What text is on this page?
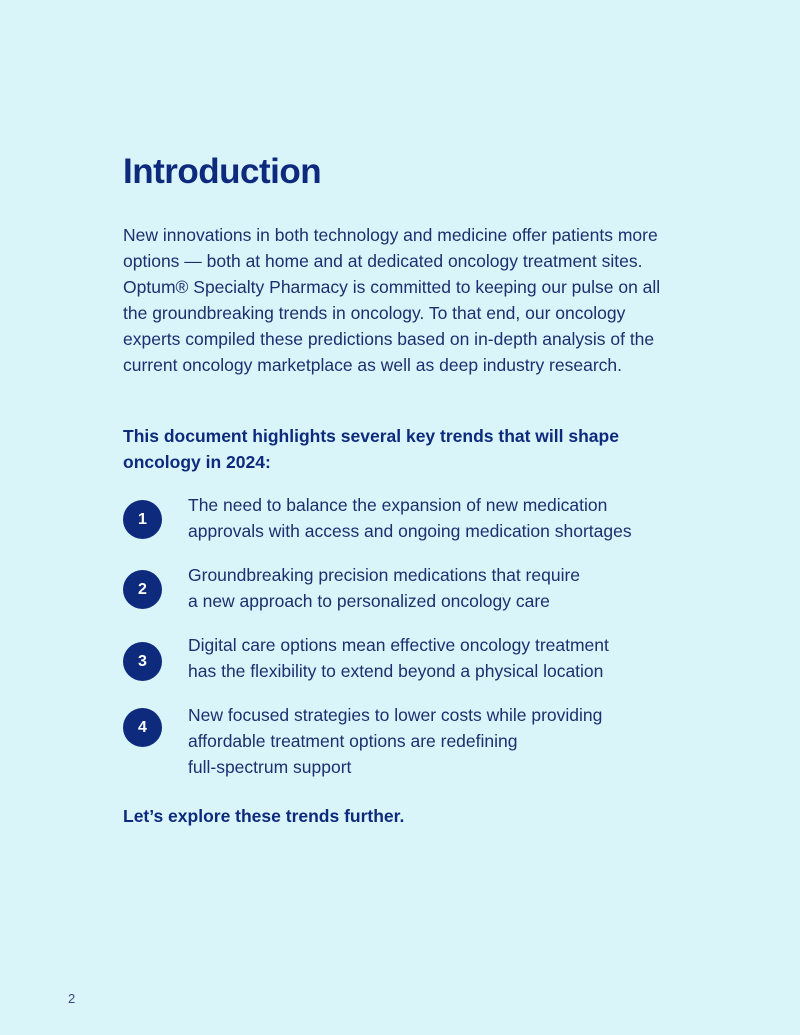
Introduction

New innovations in both technology and medicine offer patients more options — both at home and at dedicated oncology treatment sites. Optum® Specialty Pharmacy is committed to keeping our pulse on all the groundbreaking trends in oncology. To that end, our oncology experts compiled these predictions based on in-depth analysis of the current oncology marketplace as well as deep industry research.

This document highlights several key trends that will shape oncology in 2024:

1

The need to balance the expansion of new medication
approvals with access and ongoing medication shortages

2

Groundbreaking precision medications that require
a new approach to personalized oncology care

3

Digital care options mean effective oncology treatment
has the flexibility to extend beyond a physical location

4

New focused strategies to lower costs while providing
affordable treatment options are redefining
full-spectrum support

Let’s explore these trends further.

2
